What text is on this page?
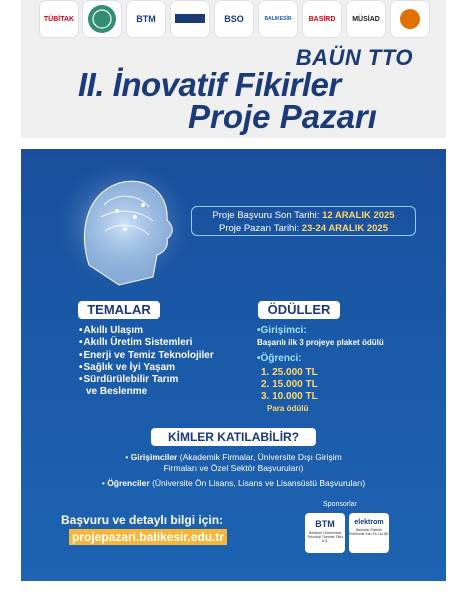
TÜBİTAK	BTM	BSO	BALIKESİR BASİRD MÜSİAD
BAÜN TTO
II. İnovatif Fikirler
Proje Pazarı
Proje Başvuru Son Tarihi: 12 ARALIK 2025
Proje Pazarı Tarihi: 23-24 ARALIK 2025
TEMALAR	ÖDÜLLER
• Akıllı Ulaşım
• Akıllı Üretim Sistemleri
• Enerji ve Temiz Teknolojiler
• Sağlık ve İyi Yaşam
• Sürdürülebilir Tarım
ve Beslenme
•Girişimci:
Başarılı ilk 3 projeye plaket ödülü
•Öğrenci:
1. 25.000 TL
2. 15.000 TL
3. 10.000 TL
Para ödülü
KİMLER KATILABİLİR?
• Girişimciler (Akademik Firmalar, Üniversite Dışı Girişim
Firmaları ve Özel Sektör Başvuruları)
• Öğrenciler (Üniversite Ön Lisans, Lisans ve Lisansüstü Başvuruları)
Başvuru ve detaylı bilgi için:
projepazari.balikesir.edu.tr
Sponsorlar
BTM
Balıkesir Üniversitesi Teknoloji Transfer Ofisi A.Ş.
elektrom
Balıkesir Elektrik Elektronik San.Tic.Ltd.Şti.
